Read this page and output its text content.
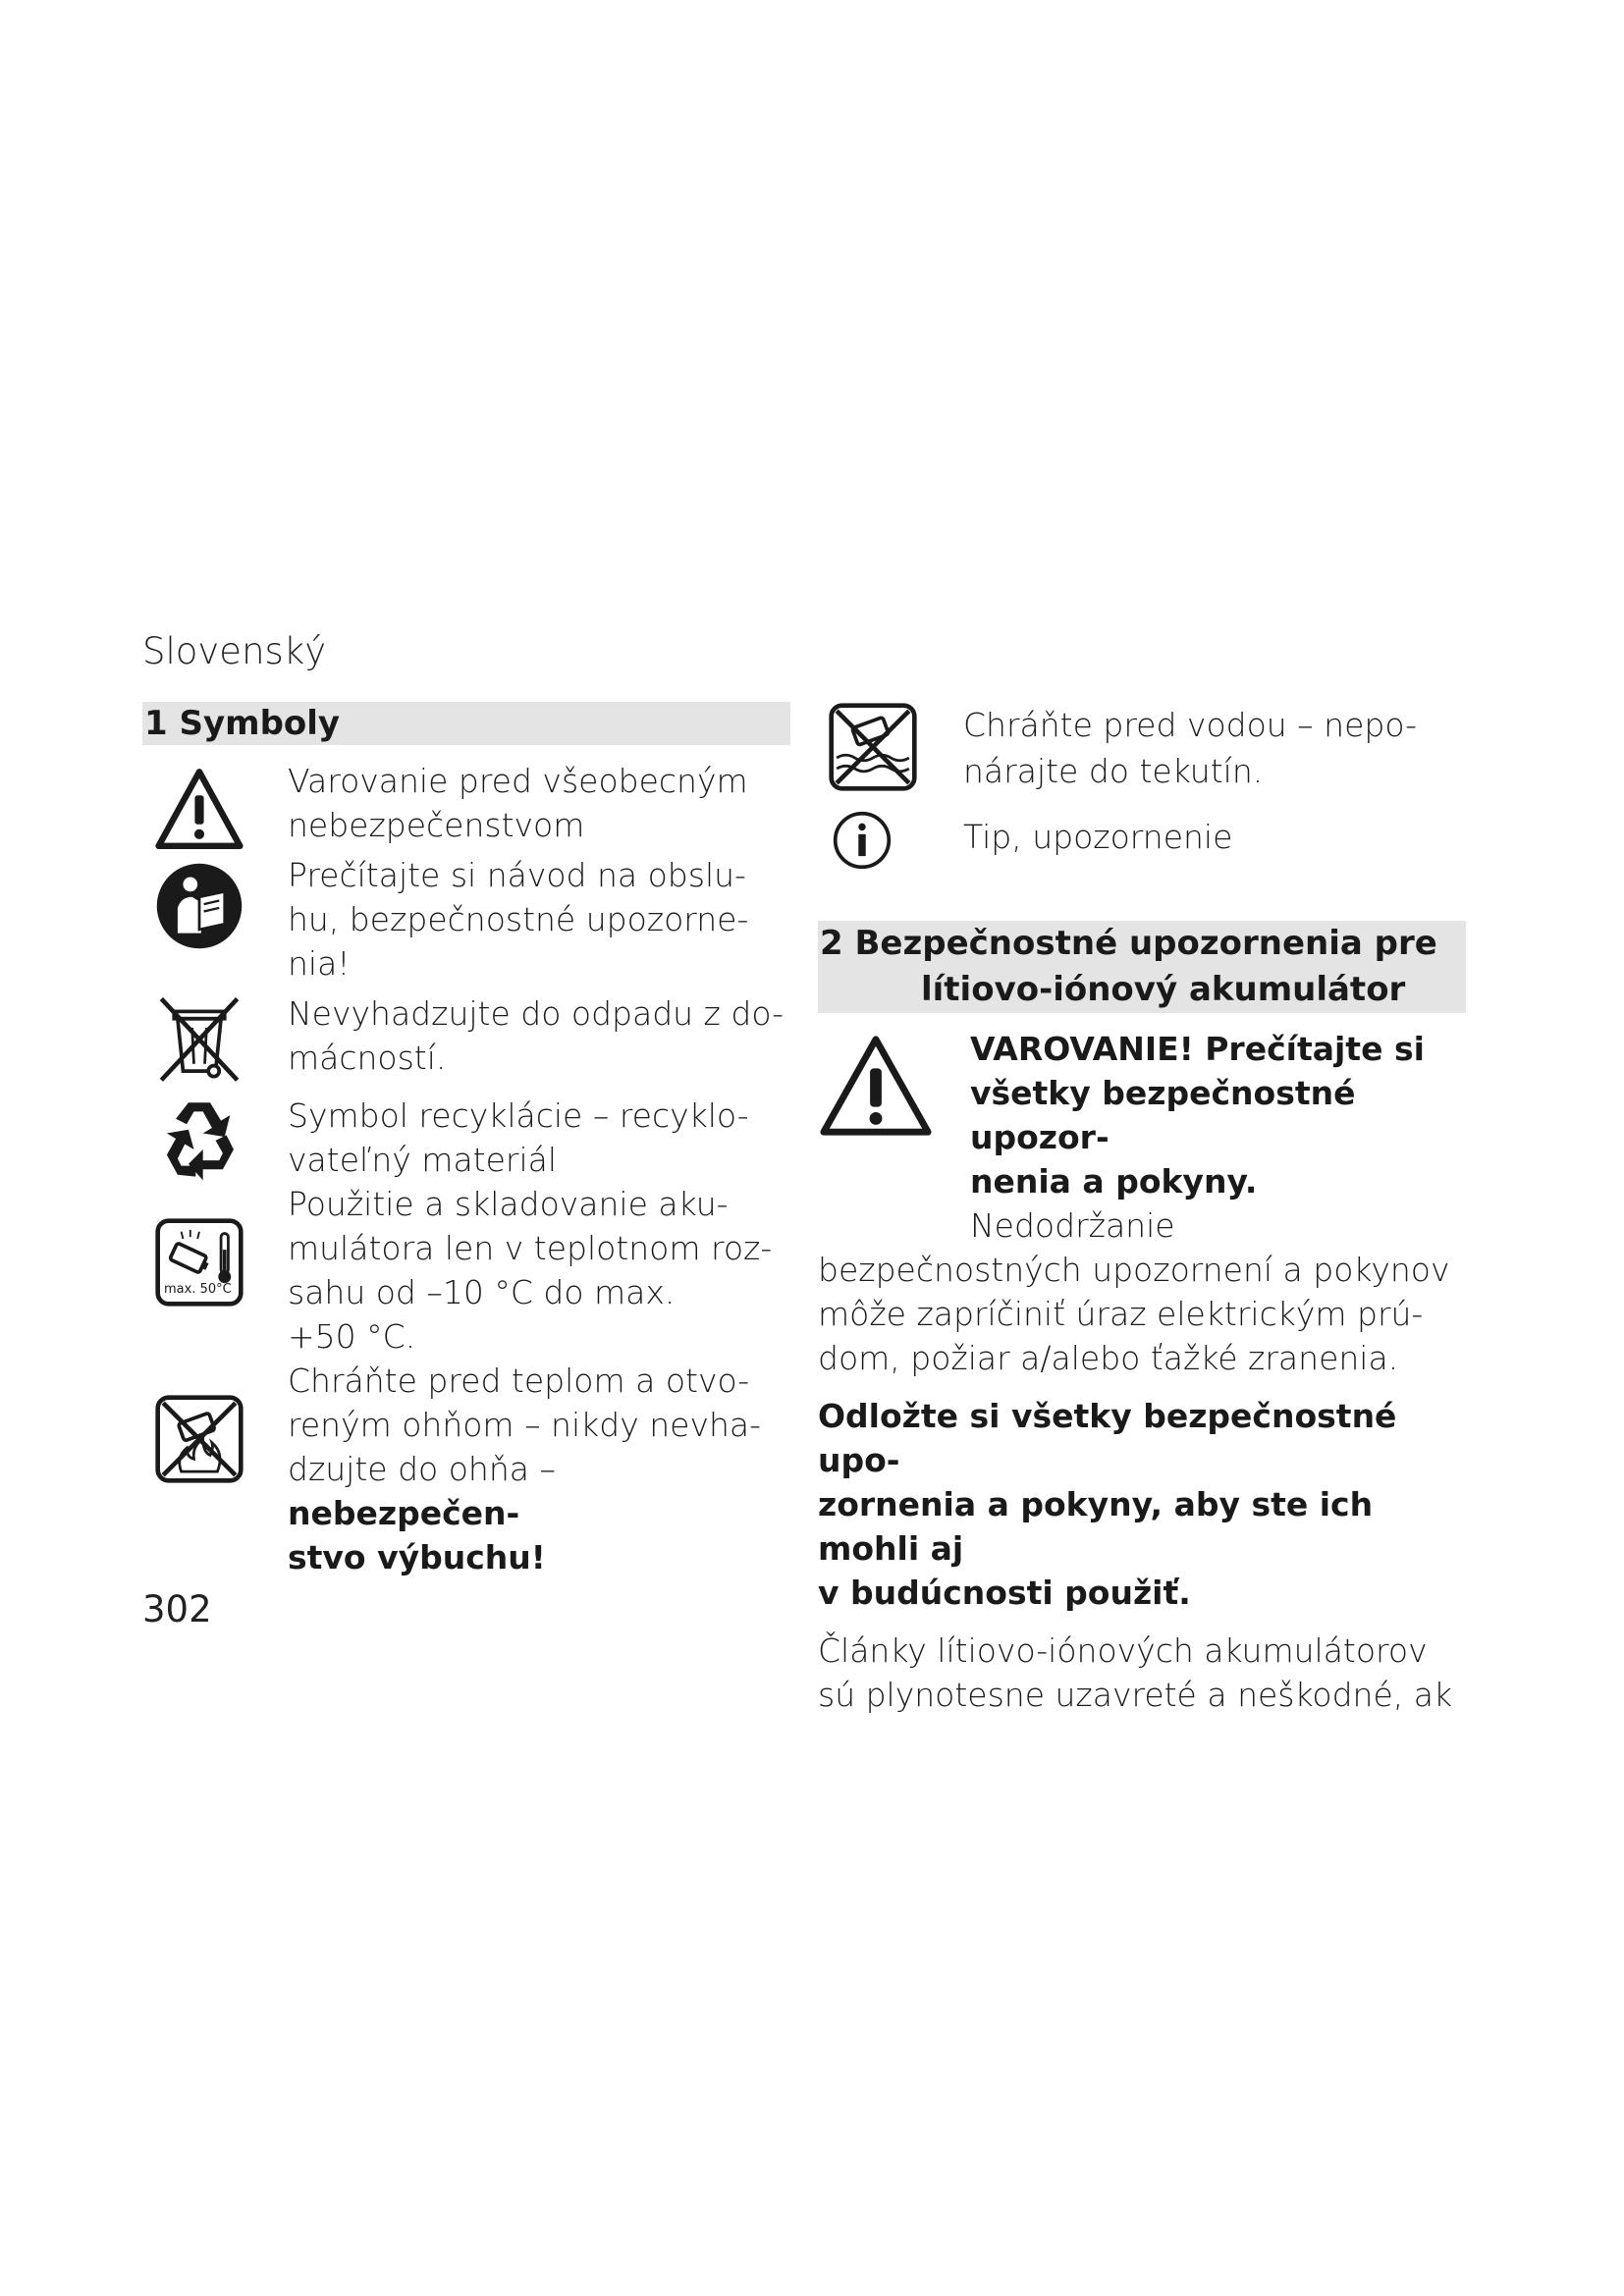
Slovenský
1 Symboly
Varovanie pred všeobecným
nebezpečenstvom
Prečítajte si návod na obslu-
hu, bezpečnostné upozorne-
nia!
Nevyhadzujte do odpadu z do-
mácností.
Symbol recyklácie – recyklo-
vateľný materiál
max. 50°C
Použitie a skladovanie aku-
mulátora len v teplotnom roz-
sahu od –10 °C do max.
+50 °C.
Chráňte pred teplom a otvo-
reným ohňom – nikdy nevha-
dzujte do ohňa – nebezpečen-
stvo výbuchu!
Chráňte pred vodou – nepo-
nárajte do tekutín.
Tip, upozornenie
2 Bezpečnostné upozornenia pre
lítiovo-iónový akumulátor
VAROVANIE! Prečítajte si
všetky bezpečnostné upozor-
nenia a pokyny. Nedodržanie
bezpečnostných upozornení a pokynov
môže zapríčiniť úraz elektrickým prú-
dom, požiar a/alebo ťažké zranenia.
Odložte si všetky bezpečnostné upo-
zornenia a pokyny, aby ste ich mohli aj
v budúcnosti použiť.
Články lítiovo-iónových akumulátorov
sú plynotesne uzavreté a neškodné, ak
302
